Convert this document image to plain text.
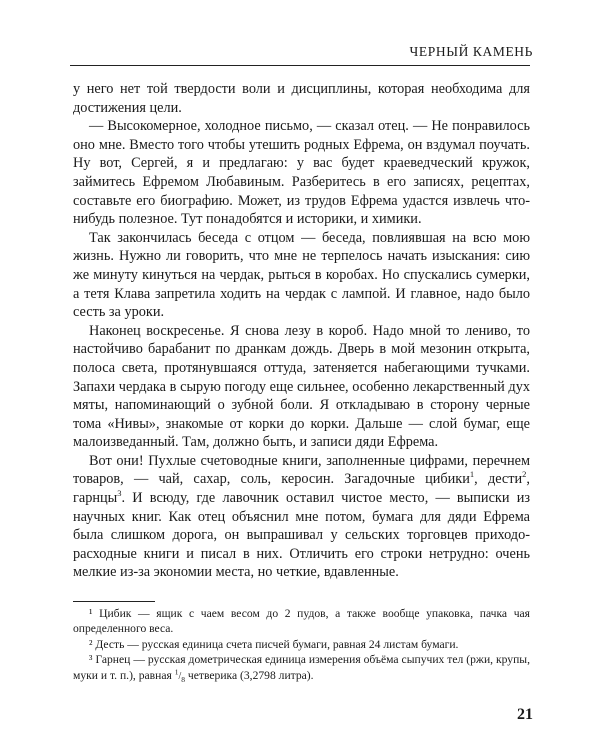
ЧЕРНЫЙ КАМЕНЬ

у него нет той твердости воли и дисциплины, которая необходима для достижения цели.

— Высокомерное, холодное письмо, — сказал отец. — Не понравилось оно мне. Вместо того чтобы утешить родных Ефрема, он вздумал поучать. Ну вот, Сергей, я и предлагаю: у вас будет краеведческий кружок, займитесь Ефремом Любавиным. Разберитесь в его записях, рецептах, составьте его биографию. Может, из трудов Ефрема удастся извлечь что-нибудь полезное. Тут понадобятся и историки, и химики.

Так закончилась беседа с отцом — беседа, повлиявшая на всю мою жизнь. Нужно ли говорить, что мне не терпелось начать изыскания: сию же минуту кинуться на чердак, рыться в коробах. Но спускались сумерки, а тетя Клава запретила ходить на чердак с лампой. И главное, надо было сесть за уроки.

Наконец воскресенье. Я снова лезу в короб. Надо мной то лениво, то настойчиво барабанит по дранкам дождь. Дверь в мой мезонин открыта, полоса света, протянувшаяся оттуда, затеняется набегающими тучками. Запахи чердака в сырую погоду еще сильнее, особенно лекарственный дух мяты, напоминающий о зубной боли. Я откладываю в сторону черные тома «Нивы», знакомые от корки до корки. Дальше — слой бумаг, еще малоизведанный. Там, должно быть, и записи дяди Ефрема.

Вот они! Пухлые счетоводные книги, заполненные цифрами, перечнем товаров, — чай, сахар, соль, керосин. Загадочные цибики$^1$, дести$^2$, гарнцы$^3$. И всюду, где лавочник оставил чистое место, — выписки из научных книг. Как отец объяснил мне потом, бумага для дяди Ефрема была слишком дорога, он выпрашивал у сельских торговцев приходо-расходные книги и писал в них. Отличить его строки нетрудно: очень мелкие из-за экономии места, но четкие, вдавленные.

¹ Цибик — ящик с чаем весом до 2 пудов, а также вообще упаковка, пачка чая определенного веса.

² Десть — русская единица счета писчей бумаги, равная 24 листам бумаги.

³ Гарнец — русская дометрическая единица измерения объёма сыпучих тел (ржи, крупы, муки и т. п.), равная $^1/_8$ четверика (3,2798 литра).

21
